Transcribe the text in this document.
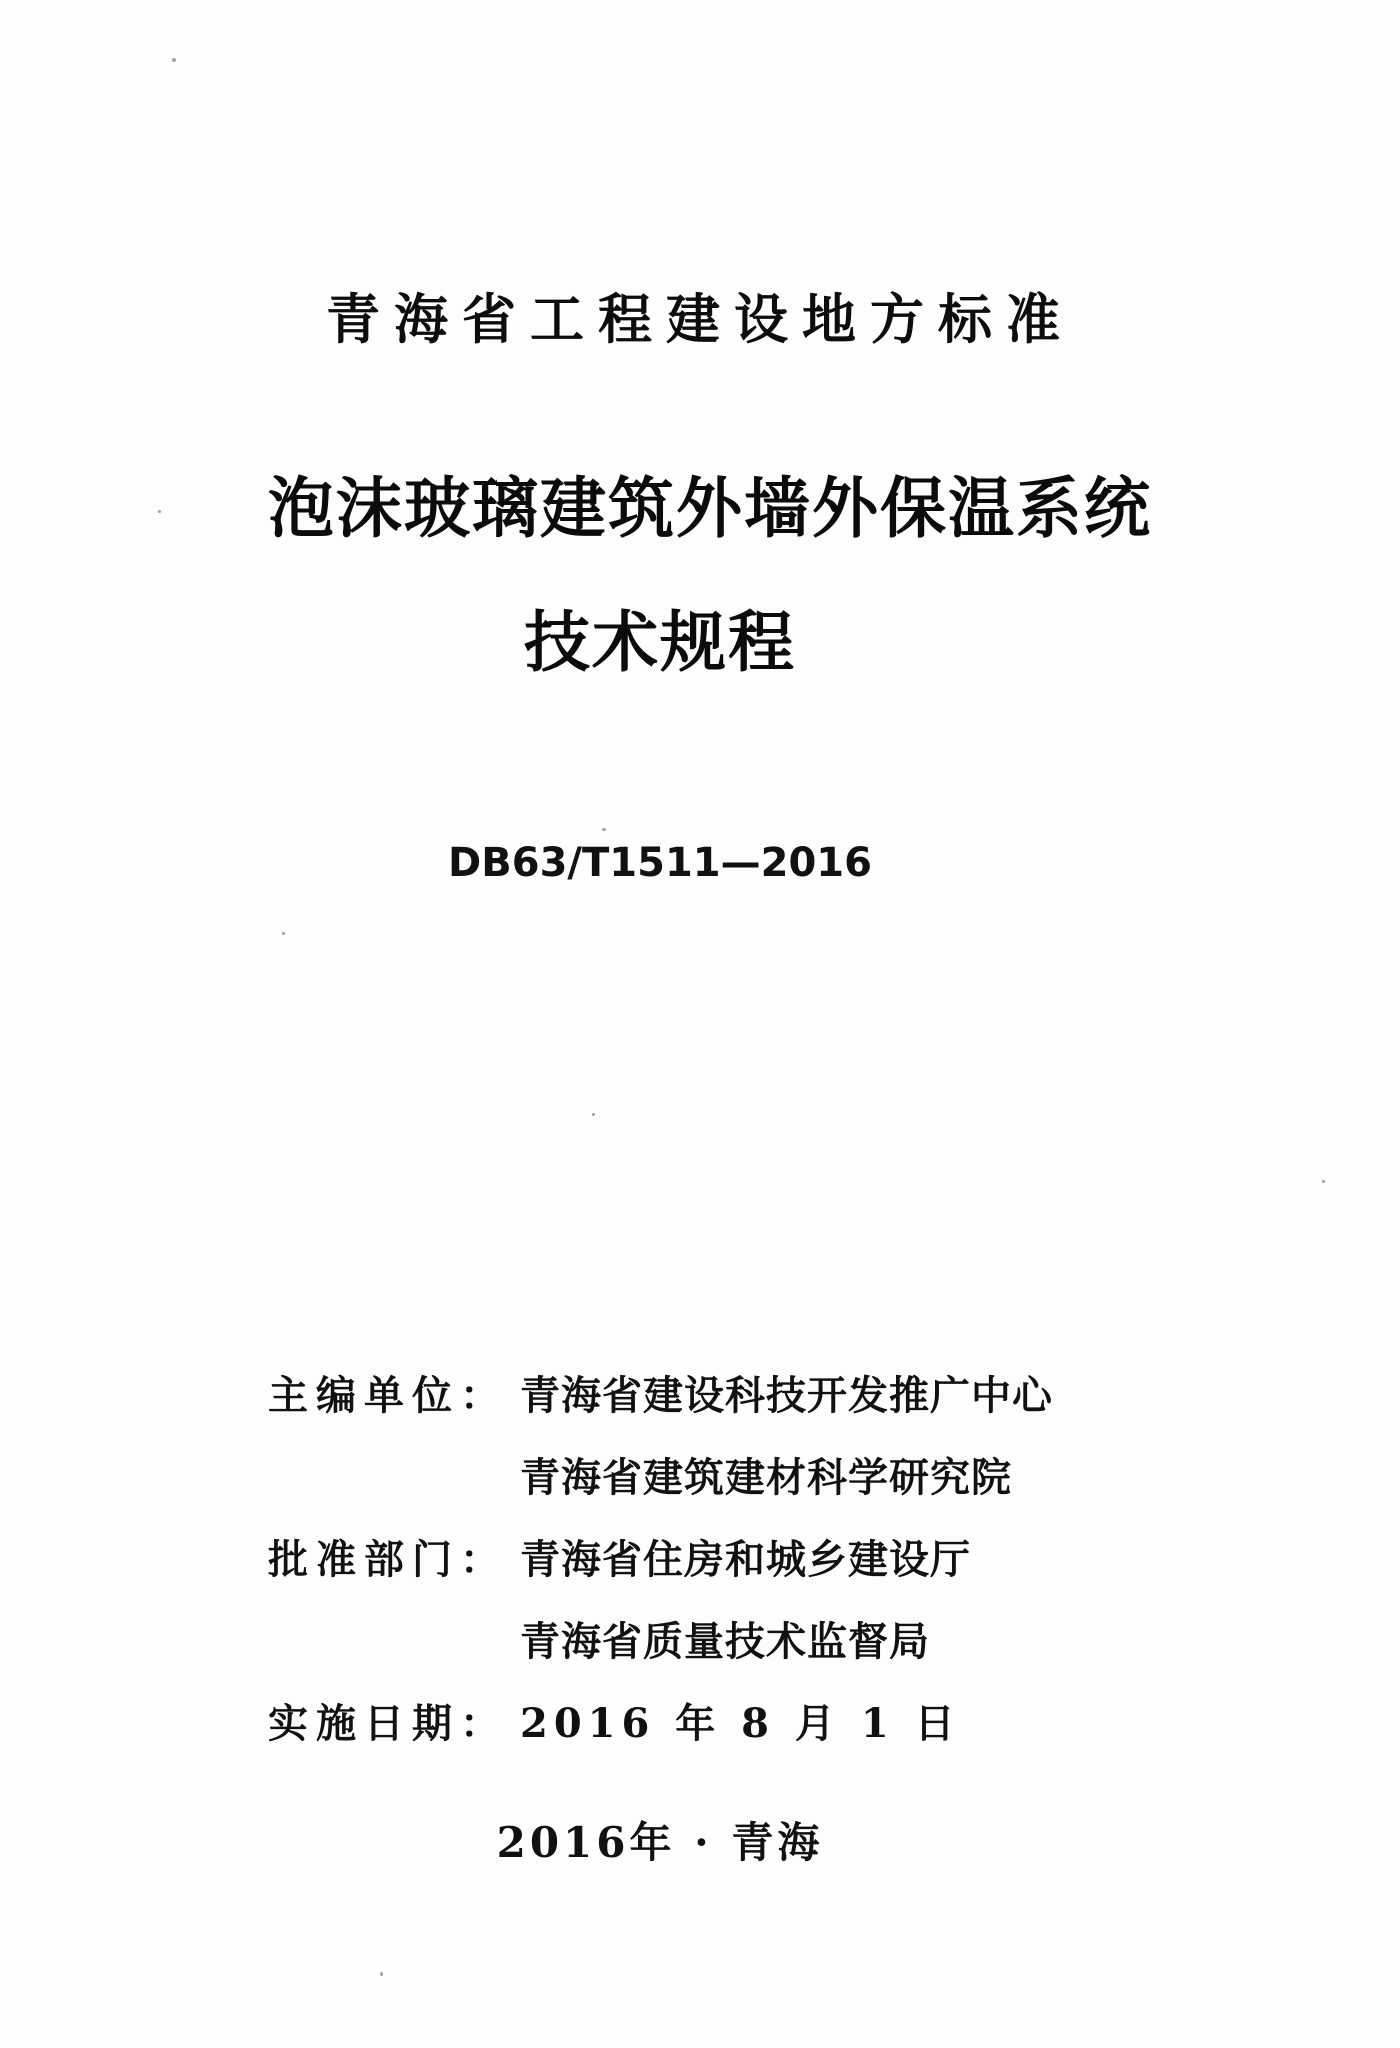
青海省工程建设地方标准
泡沫玻璃建筑外墙外保温系统
技术规程
DB63/T1511—2016
主编单位： 青海省建设科技开发推广中心
青海省建筑建材科学研究院
批准部门： 青海省住房和城乡建设厅
青海省质量技术监督局
实施日期： 2016 年 8 月 1 日
2016年 · 青海
